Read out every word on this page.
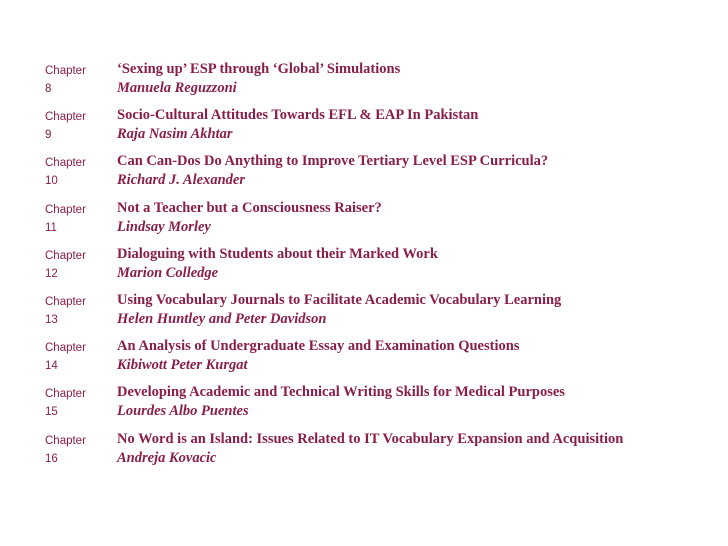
Chapter
8
‘Sexing up’ ESP through ‘Global’ Simulations
Manuela Reguzzoni
Chapter
9
Socio-Cultural Attitudes Towards EFL & EAP In Pakistan
Raja Nasim Akhtar
Chapter
10
Can Can-Dos Do Anything to Improve Tertiary Level ESP Curricula?
Richard J. Alexander
Chapter
11
Not a Teacher but a Consciousness Raiser?
Lindsay Morley
Chapter
12
Dialoguing with Students about their Marked Work
Marion Colledge
Chapter
13
Using Vocabulary Journals to Facilitate Academic Vocabulary Learning
Helen Huntley and Peter Davidson
Chapter
14
An Analysis of Undergraduate Essay and Examination Questions
Kibiwott Peter Kurgat
Chapter
15
Developing Academic and Technical Writing Skills for Medical Purposes
Lourdes Albo Puentes
Chapter
16
No Word is an Island: Issues Related to IT Vocabulary Expansion and Acquisition
Andreja Kovacic
